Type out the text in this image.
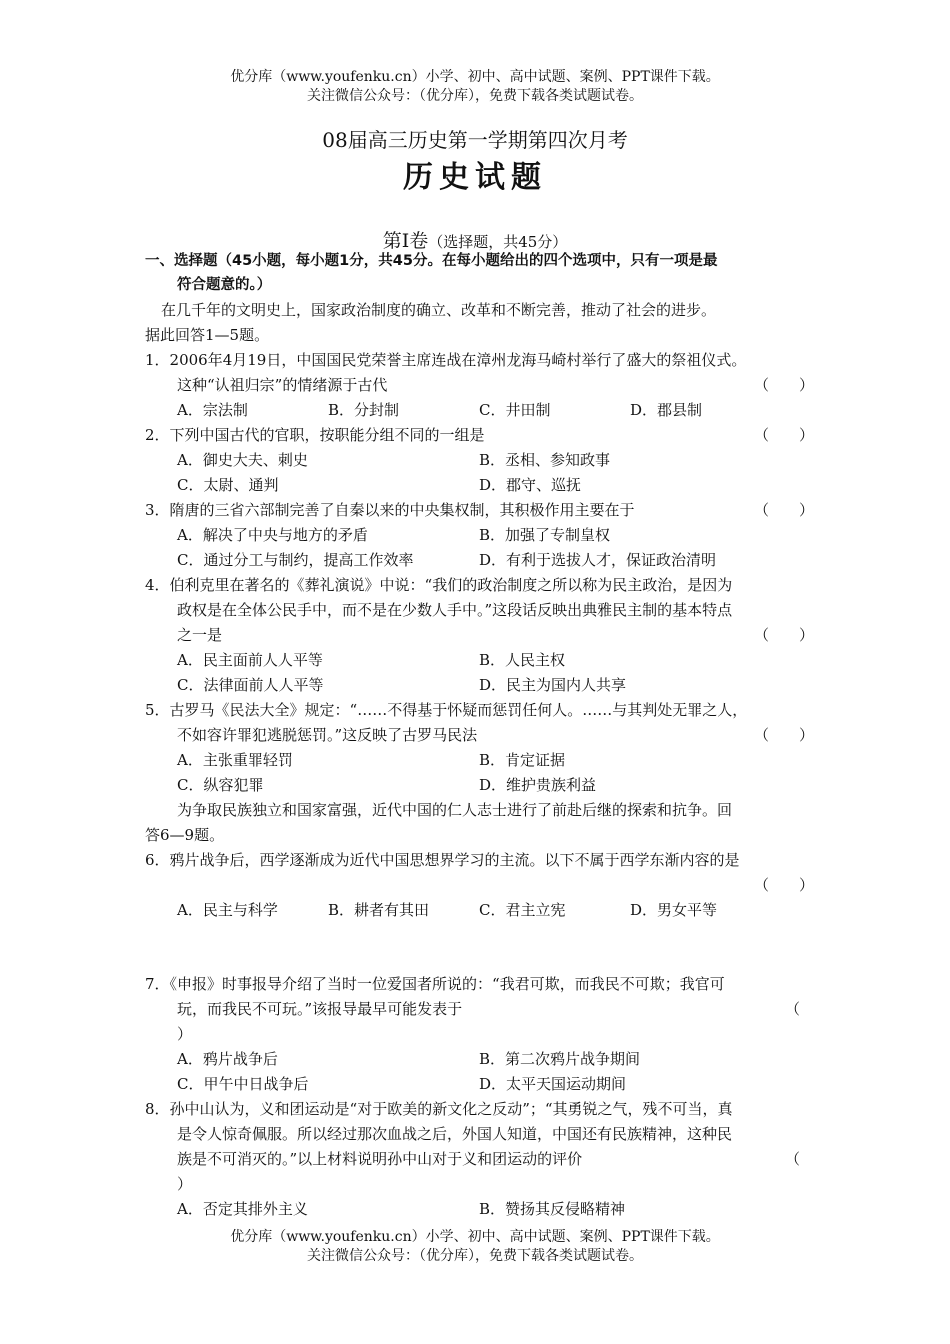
优分库（www.youfenku.cn）小学、初中、高中试题、案例、PPT课件下载。
关注微信公众号：（优分库），免费下载各类试题试卷。
08届高三历史第一学期第四次月考
历史试题
第Ⅰ卷（选择题，共45分）
一、选择题（45小题，每小题1分，共45分。在每小题给出的四个选项中，只有一项是最
符合题意的。）
在几千年的文明史上，国家政治制度的确立、改革和不断完善，推动了社会的进步。
据此回答1—5题。
1．2006年4月19日，中国国民党荣誉主席连战在漳州龙海马崎村举行了盛大的祭祖仪式。
这种“认祖归宗”的情绪源于古代	（　　）
A．宗法制	B．分封制	C．井田制	D．郡县制
2．下列中国古代的官职，按职能分组不同的一组是	（　　）
A．御史大夫、刺史	B．丞相、参知政事
C．太尉、通判	D．郡守、巡抚
3．隋唐的三省六部制完善了自秦以来的中央集权制，其积极作用主要在于	（　　）
A．解决了中央与地方的矛盾	B．加强了专制皇权
C．通过分工与制约，提高工作效率	D．有利于选拔人才，保证政治清明
4．伯利克里在著名的《葬礼演说》中说：“我们的政治制度之所以称为民主政治，是因为
政权是在全体公民手中，而不是在少数人手中。”这段话反映出典雅民主制的基本特点
之一是	（　　）
A．民主面前人人平等	B．人民主权
C．法律面前人人平等	D．民主为国内人共享
5．古罗马《民法大全》规定：“……不得基于怀疑而惩罚任何人。……与其判处无罪之人，
不如容许罪犯逃脱惩罚。”这反映了古罗马民法	（　　）
A．主张重罪轻罚	B．肯定证据
C．纵容犯罪	D．维护贵族利益
为争取民族独立和国家富强，近代中国的仁人志士进行了前赴后继的探索和抗争。回
答6—9题。
6．鸦片战争后，西学逐渐成为近代中国思想界学习的主流。以下不属于西学东渐内容的是
（　　）
A．民主与科学	B．耕者有其田	C．君主立宪	D．男女平等
7．《申报》时事报导介绍了当时一位爱国者所说的：“我君可欺，而我民不可欺；我官可
玩，而我民不可玩。”该报导最早可能发表于	（
）
A．鸦片战争后	B．第二次鸦片战争期间
C．甲午中日战争后	D．太平天国运动期间
8．孙中山认为，义和团运动是“对于欧美的新文化之反动”；“其勇锐之气，残不可当，真
是令人惊奇佩服。所以经过那次血战之后，外国人知道，中国还有民族精神，这种民
族是不可消灭的。”以上材料说明孙中山对于义和团运动的评价	（
）
A．否定其排外主义	B．赞扬其反侵略精神
优分库（www.youfenku.cn）小学、初中、高中试题、案例、PPT课件下载。
关注微信公众号：（优分库），免费下载各类试题试卷。
